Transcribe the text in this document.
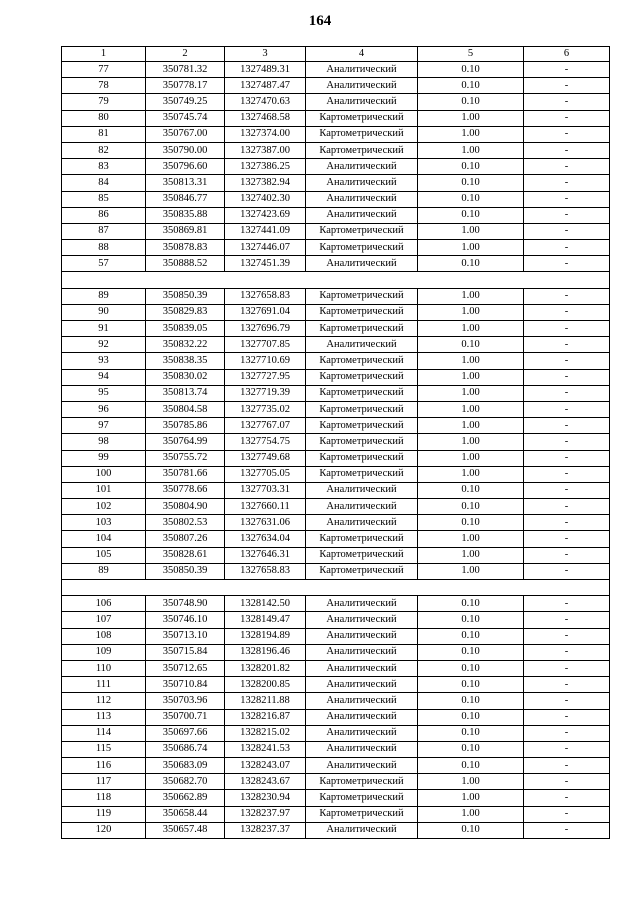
164
1	2	3	4	5	6
77	350781.32	1327489.31	Аналитический	0.10	-
78	350778.17	1327487.47	Аналитический	0.10	-
79	350749.25	1327470.63	Аналитический	0.10	-
80	350745.74	1327468.58	Картометрический	1.00	-
81	350767.00	1327374.00	Картометрический	1.00	-
82	350790.00	1327387.00	Картометрический	1.00	-
83	350796.60	1327386.25	Аналитический	0.10	-
84	350813.31	1327382.94	Аналитический	0.10	-
85	350846.77	1327402.30	Аналитический	0.10	-
86	350835.88	1327423.69	Аналитический	0.10	-
87	350869.81	1327441.09	Картометрический	1.00	-
88	350878.83	1327446.07	Картометрический	1.00	-
57	350888.52	1327451.39	Аналитический	0.10	-

89	350850.39	1327658.83	Картометрический	1.00	-
90	350829.83	1327691.04	Картометрический	1.00	-
91	350839.05	1327696.79	Картометрический	1.00	-
92	350832.22	1327707.85	Аналитический	0.10	-
93	350838.35	1327710.69	Картометрический	1.00	-
94	350830.02	1327727.95	Картометрический	1.00	-
95	350813.74	1327719.39	Картометрический	1.00	-
96	350804.58	1327735.02	Картометрический	1.00	-
97	350785.86	1327767.07	Картометрический	1.00	-
98	350764.99	1327754.75	Картометрический	1.00	-
99	350755.72	1327749.68	Картометрический	1.00	-
100	350781.66	1327705.05	Картометрический	1.00	-
101	350778.66	1327703.31	Аналитический	0.10	-
102	350804.90	1327660.11	Аналитический	0.10	-
103	350802.53	1327631.06	Аналитический	0.10	-
104	350807.26	1327634.04	Картометрический	1.00	-
105	350828.61	1327646.31	Картометрический	1.00	-
89	350850.39	1327658.83	Картометрический	1.00	-

106	350748.90	1328142.50	Аналитический	0.10	-
107	350746.10	1328149.47	Аналитический	0.10	-
108	350713.10	1328194.89	Аналитический	0.10	-
109	350715.84	1328196.46	Аналитический	0.10	-
110	350712.65	1328201.82	Аналитический	0.10	-
111	350710.84	1328200.85	Аналитический	0.10	-
112	350703.96	1328211.88	Аналитический	0.10	-
113	350700.71	1328216.87	Аналитический	0.10	-
114	350697.66	1328215.02	Аналитический	0.10	-
115	350686.74	1328241.53	Аналитический	0.10	-
116	350683.09	1328243.07	Аналитический	0.10	-
117	350682.70	1328243.67	Картометрический	1.00	-
118	350662.89	1328230.94	Картометрический	1.00	-
119	350658.44	1328237.97	Картометрический	1.00	-
120	350657.48	1328237.37	Аналитический	0.10	-
